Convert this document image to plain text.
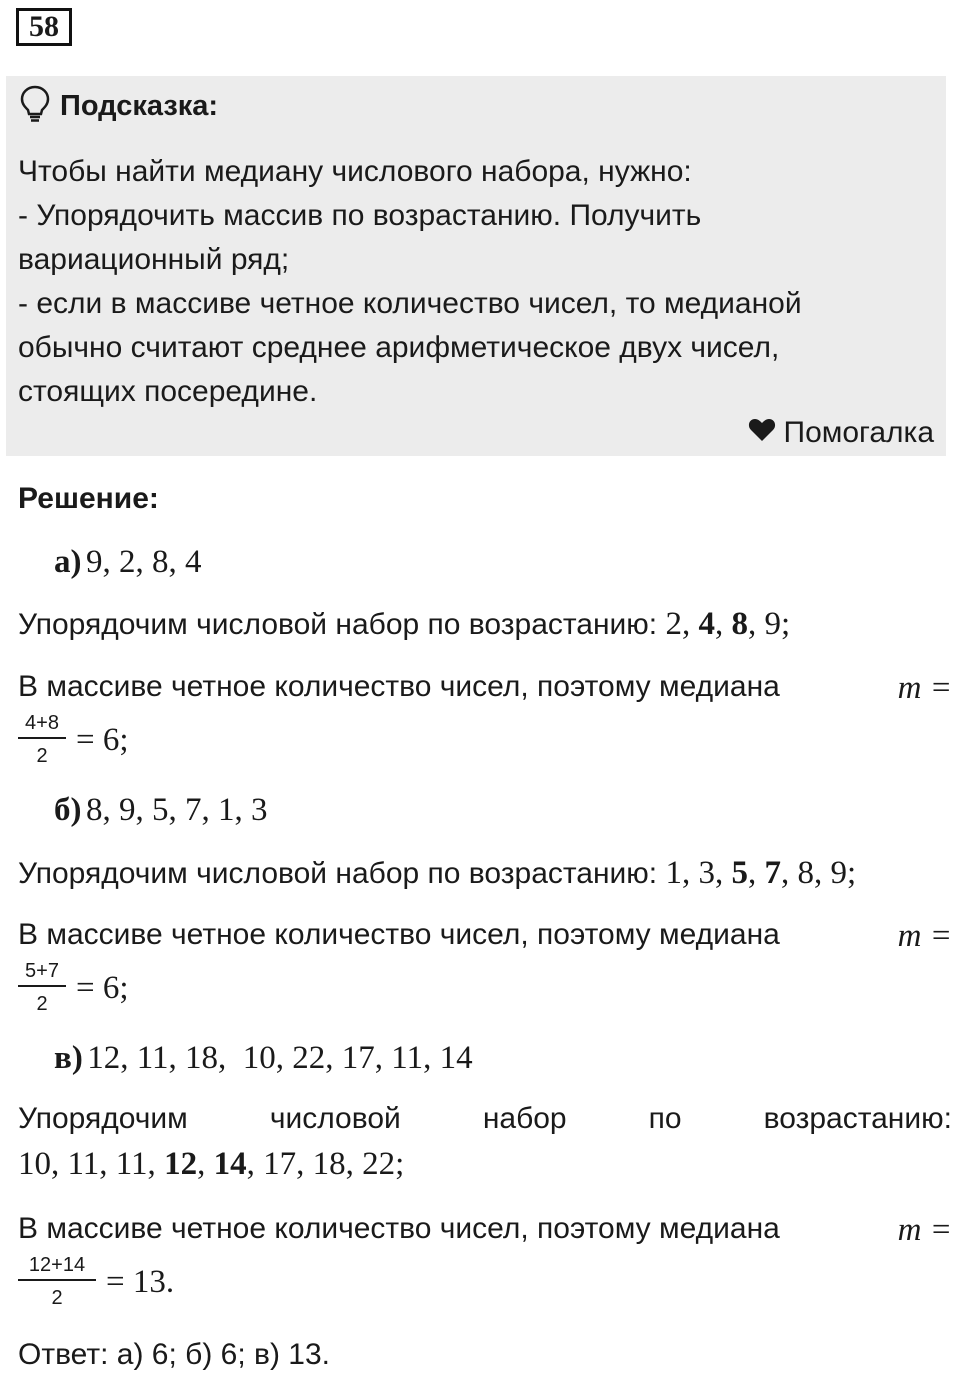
58
Подсказка:
Чтобы найти медиану числового набора, нужно:
- Упорядочить массив по возрастанию. Получить
вариационный ряд;
- если в массиве четное количество чисел, то медианой
обычно считают среднее арифметическое двух чисел,
стоящих посередине.
Помогалка
Решение:
а) 9, 2, 8, 4
Упорядочим числовой набор по возрастанию: 2, 4, 8, 9;
В массиве четное количество чисел, поэтому медиана	m =
4+8
2 = 6;
б) 8, 9, 5, 7, 1, 3
Упорядочим числовой набор по возрастанию: 1, 3, 5, 7, 8, 9;
В массиве четное количество чисел, поэтому медиана	m =
5+7
2 = 6;
в) 12, 11, 18,  10, 22, 17, 11, 14
Упорядочим	числовой	набор	по	возрастанию:
10, 11, 11, 12, 14, 17, 18, 22;
В массиве четное количество чисел, поэтому медиана	m =
12+14
2 = 13.
Ответ: а) 6; б) 6; в) 13.
